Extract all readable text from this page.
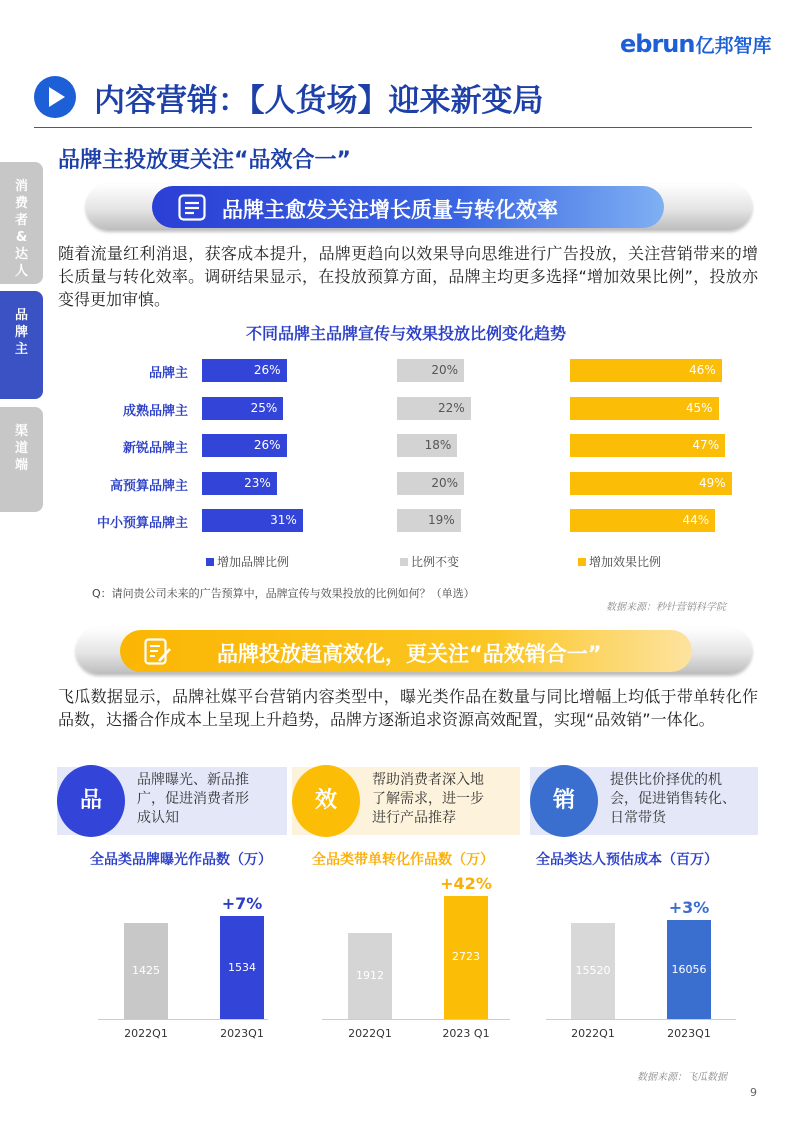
ebrun亿邦智库
内容营销：【人货场】迎来新变局
品牌主投放更关注“品效合一”
消
费
者
&
达
人
品
牌
主
渠
道
端
品牌主愈发关注增长质量与转化效率
随着流量红利消退，获客成本提升，品牌更趋向以效果导向思维进行广告投放，关注营销带来的增长质量与转化效率。调研结果显示，在投放预算方面，品牌主均更多选择“增加效果比例”，投放亦变得更加审慎。
不同品牌主品牌宣传与效果投放比例变化趋势
品牌主	26%	20%	46%
成熟品牌主	25%	22%	45%
新锐品牌主	26%	18%	47%
高预算品牌主	23%	20%	49%
中小预算品牌主	31%	19%	44%
增加品牌比例	比例不变	增加效果比例
Q：请问贵公司未来的广告预算中，品牌宣传与效果投放的比例如何？（单选）
数据来源：秒针营销科学院
品牌投放趋高效化，更关注“品效销合一”
飞瓜数据显示，品牌社媒平台营销内容类型中，曝光类作品在数量与同比增幅上均低于带单转化作品数，达播合作成本上呈现上升趋势，品牌方逐渐追求资源高效配置，实现“品效销”一体化。
品
品牌曝光、新品推
广，促进消费者形
成认知
效
帮助消费者深入地
了解需求，进一步
进行产品推荐
销
提供比价择优的机
会，促进销售转化、
日常带货
全品类品牌曝光作品数（万）	全品类带单转化作品数（万）	全品类达人预估成本（百万）
1425
2022Q1
1534
2023Q1
+7%
1912
2022Q1
2723
2023 Q1
+42%
15520
2022Q1
16056
2023Q1
+3%
数据来源：飞瓜数据
9
